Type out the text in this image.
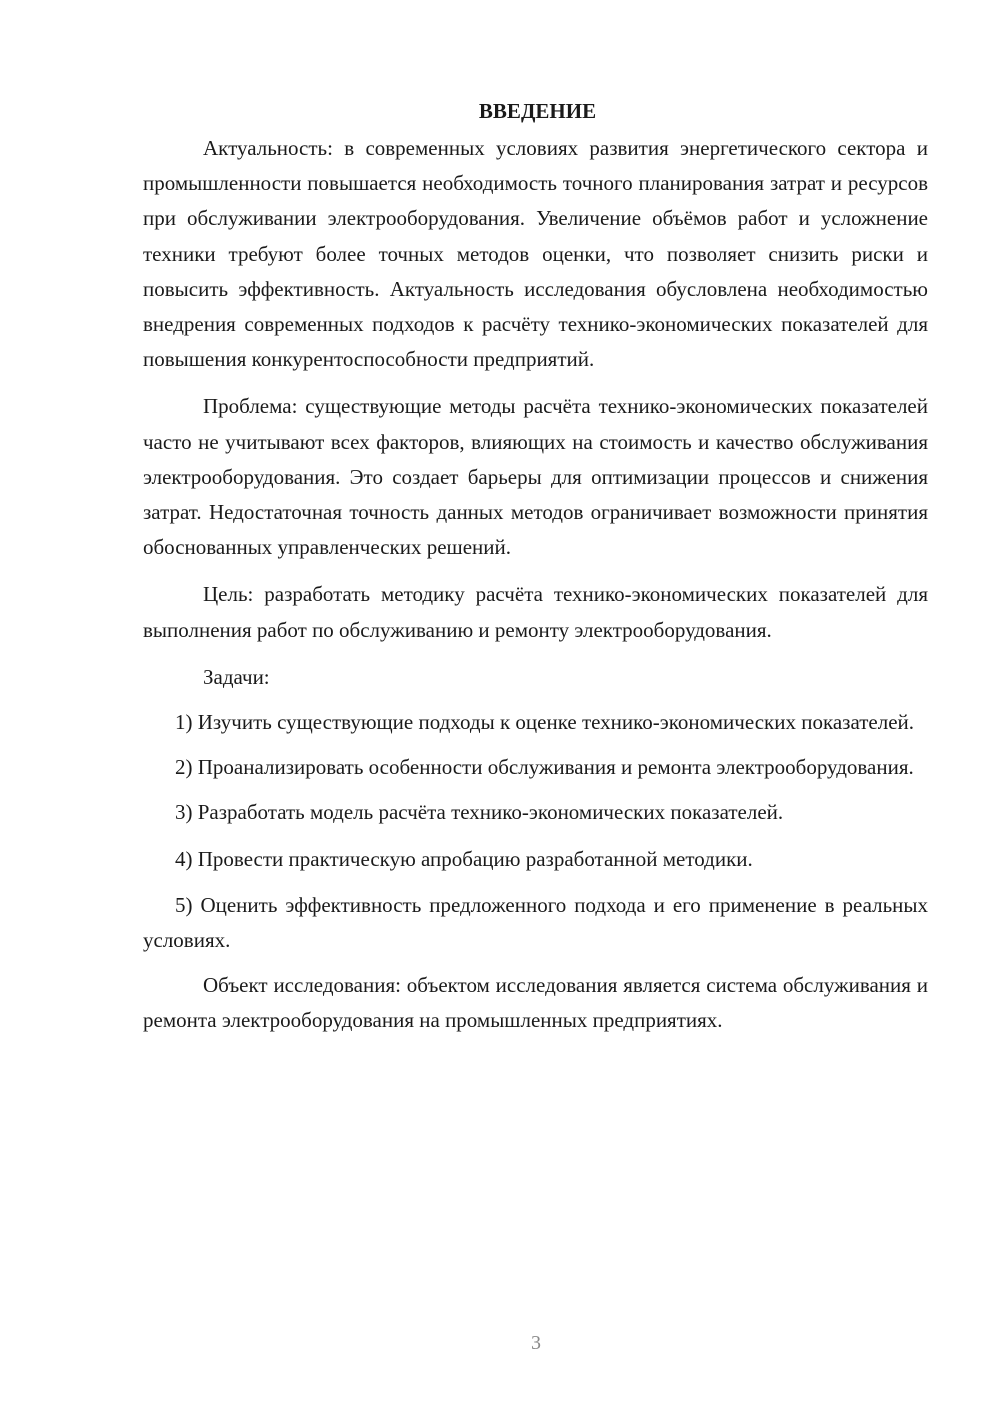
ВВЕДЕНИЕ

Актуальность: в современных условиях развития энергетического сектора и промышленности повышается необходимость точного планирования затрат и ресурсов при обслуживании электрооборудования. Увеличение объёмов работ и усложнение техники требуют более точных методов оценки, что позволяет снизить риски и повысить эффективность. Актуальность исследования обусловлена необходимостью внедрения современных подходов к расчёту технико-экономических показателей для повышения конкурентоспособности предприятий.

Проблема: существующие методы расчёта технико-экономических показателей часто не учитывают всех факторов, влияющих на стоимость и качество обслуживания электрооборудования. Это создает барьеры для оптимизации процессов и снижения затрат. Недостаточная точность данных методов ограничивает возможности принятия обоснованных управленческих решений.

Цель: разработать методику расчёта технико-экономических показателей для выполнения работ по обслуживанию и ремонту электрооборудования.

Задачи:

1) Изучить существующие подходы к оценке технико-экономических показателей.

2) Проанализировать особенности обслуживания и ремонта электрооборудования.

3) Разработать модель расчёта технико-экономических показателей.

4) Провести практическую апробацию разработанной методики.

5) Оценить эффективность предложенного подхода и его применение в реальных условиях.

Объект исследования: объектом исследования является система обслуживания и ремонта электрооборудования на промышленных предприятиях.

3
